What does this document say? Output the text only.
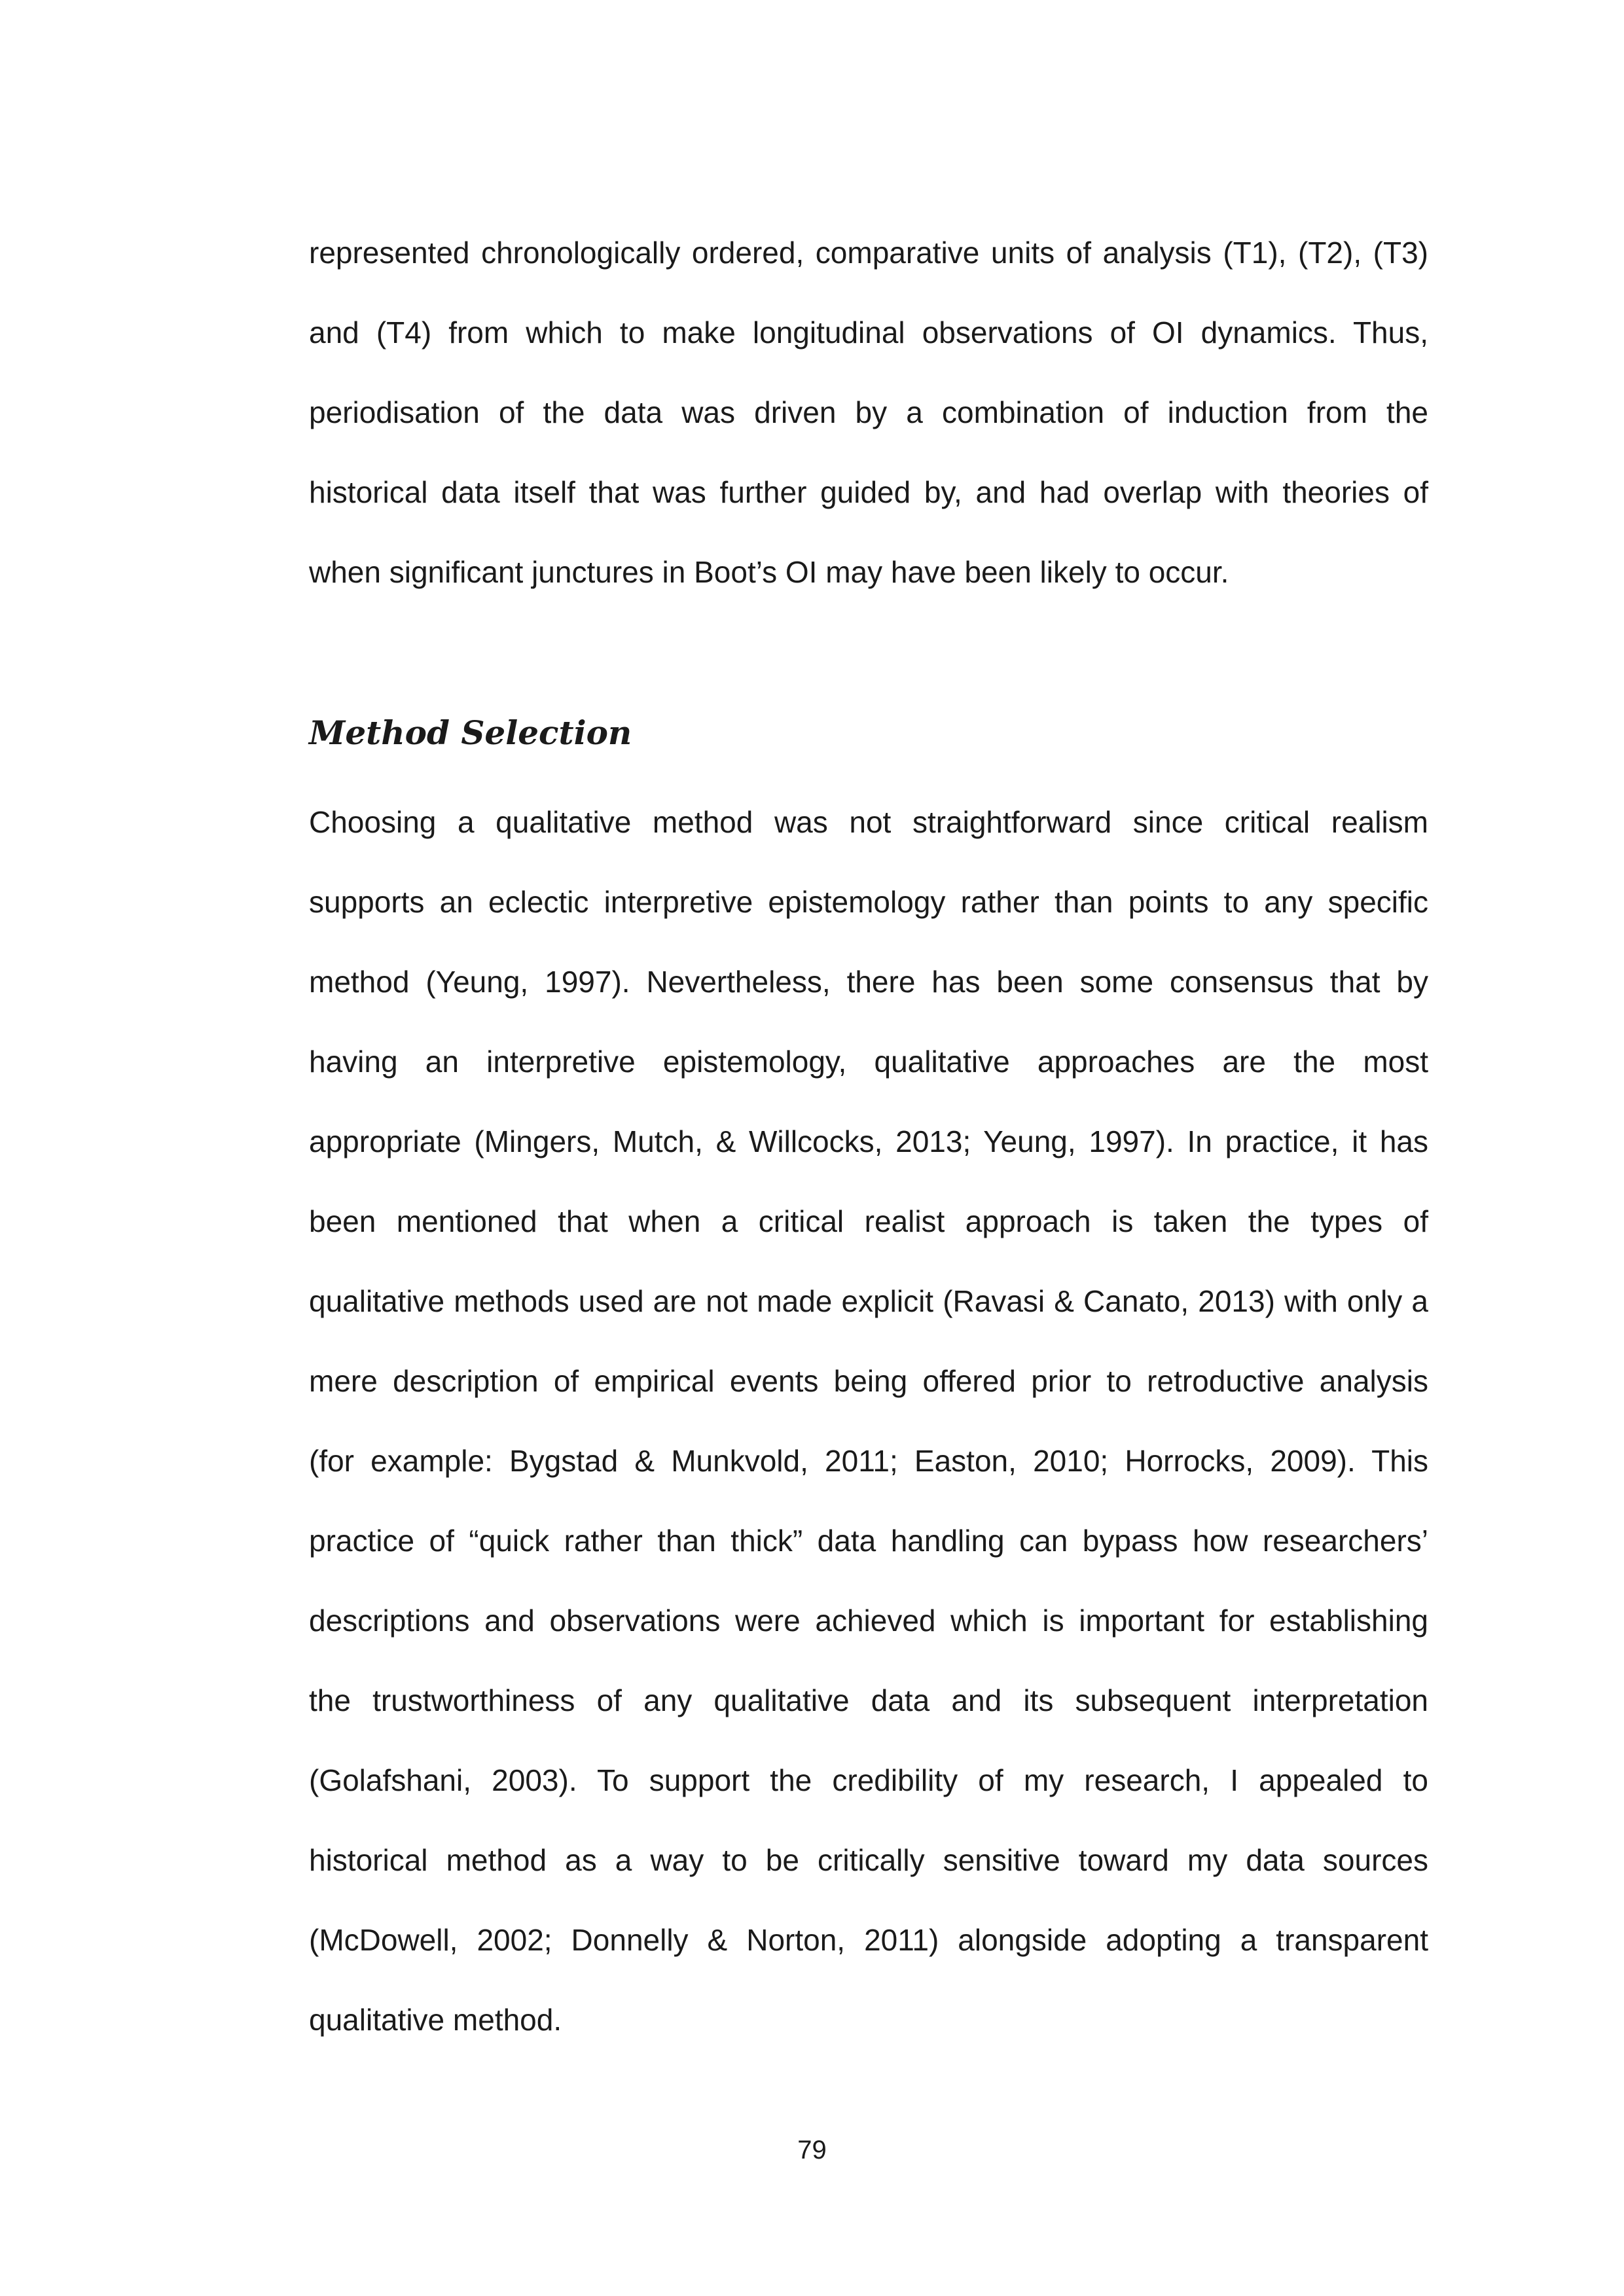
represented chronologically ordered, comparative units of analysis (T1), (T2), (T3)
and (T4) from which to make longitudinal observations of OI dynamics. Thus,
periodisation of the data was driven by a combination of induction from the
historical data itself that was further guided by, and had overlap with theories of
when significant junctures in Boot’s OI may have been likely to occur.
Method Selection
Choosing a qualitative method was not straightforward since critical realism
supports an eclectic interpretive epistemology rather than points to any specific
method (Yeung, 1997). Nevertheless, there has been some consensus that by
having an interpretive epistemology, qualitative approaches are the most
appropriate (Mingers, Mutch, & Willcocks, 2013; Yeung, 1997). In practice, it has
been mentioned that when a critical realist approach is taken the types of
qualitative methods used are not made explicit (Ravasi & Canato, 2013) with only a
mere description of empirical events being offered prior to retroductive analysis
(for example: Bygstad & Munkvold, 2011; Easton, 2010; Horrocks, 2009). This
practice of “quick rather than thick” data handling can bypass how researchers’
descriptions and observations were achieved which is important for establishing
the trustworthiness of any qualitative data and its subsequent interpretation
(Golafshani, 2003). To support the credibility of my research, I appealed to
historical method as a way to be critically sensitive toward my data sources
(McDowell, 2002; Donnelly & Norton, 2011) alongside adopting a transparent
qualitative method.
79
